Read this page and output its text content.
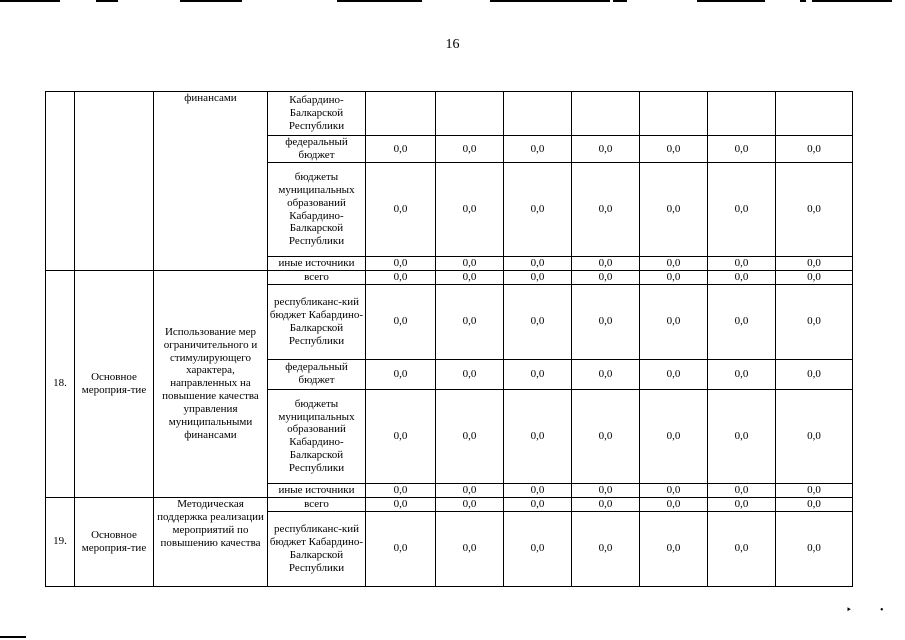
16
		финансами	Кабардино-Балкарской Республики							
			федеральный бюджет	0,0	0,0	0,0	0,0	0,0	0,0	0,0
			бюджеты муниципальных образований Кабардино-Балкарской Республики	0,0	0,0	0,0	0,0	0,0	0,0	0,0
			иные источники	0,0	0,0	0,0	0,0	0,0	0,0	0,0
18.	Основное мероприя-тие	Использование мер ограничительного и стимулирующего характера, направленных на повышение качества управления муниципальными финансами	всего	0,0	0,0	0,0	0,0	0,0	0,0	0,0
			республиканс-кий бюджет Кабардино-Балкарской Республики	0,0	0,0	0,0	0,0	0,0	0,0	0,0
			федеральный бюджет	0,0	0,0	0,0	0,0	0,0	0,0	0,0
			бюджеты муниципальных образований Кабардино-Балкарской Республики	0,0	0,0	0,0	0,0	0,0	0,0	0,0
			иные источники	0,0	0,0	0,0	0,0	0,0	0,0	0,0
19.	Основное мероприя-тие	Методическая поддержка реализации мероприятий по повышению качества	всего	0,0	0,0	0,0	0,0	0,0	0,0	0,0
			республиканс-кий бюджет Кабардино-Балкарской Республики	0,0	0,0	0,0	0,0	0,0	0,0	0,0
‣	•
